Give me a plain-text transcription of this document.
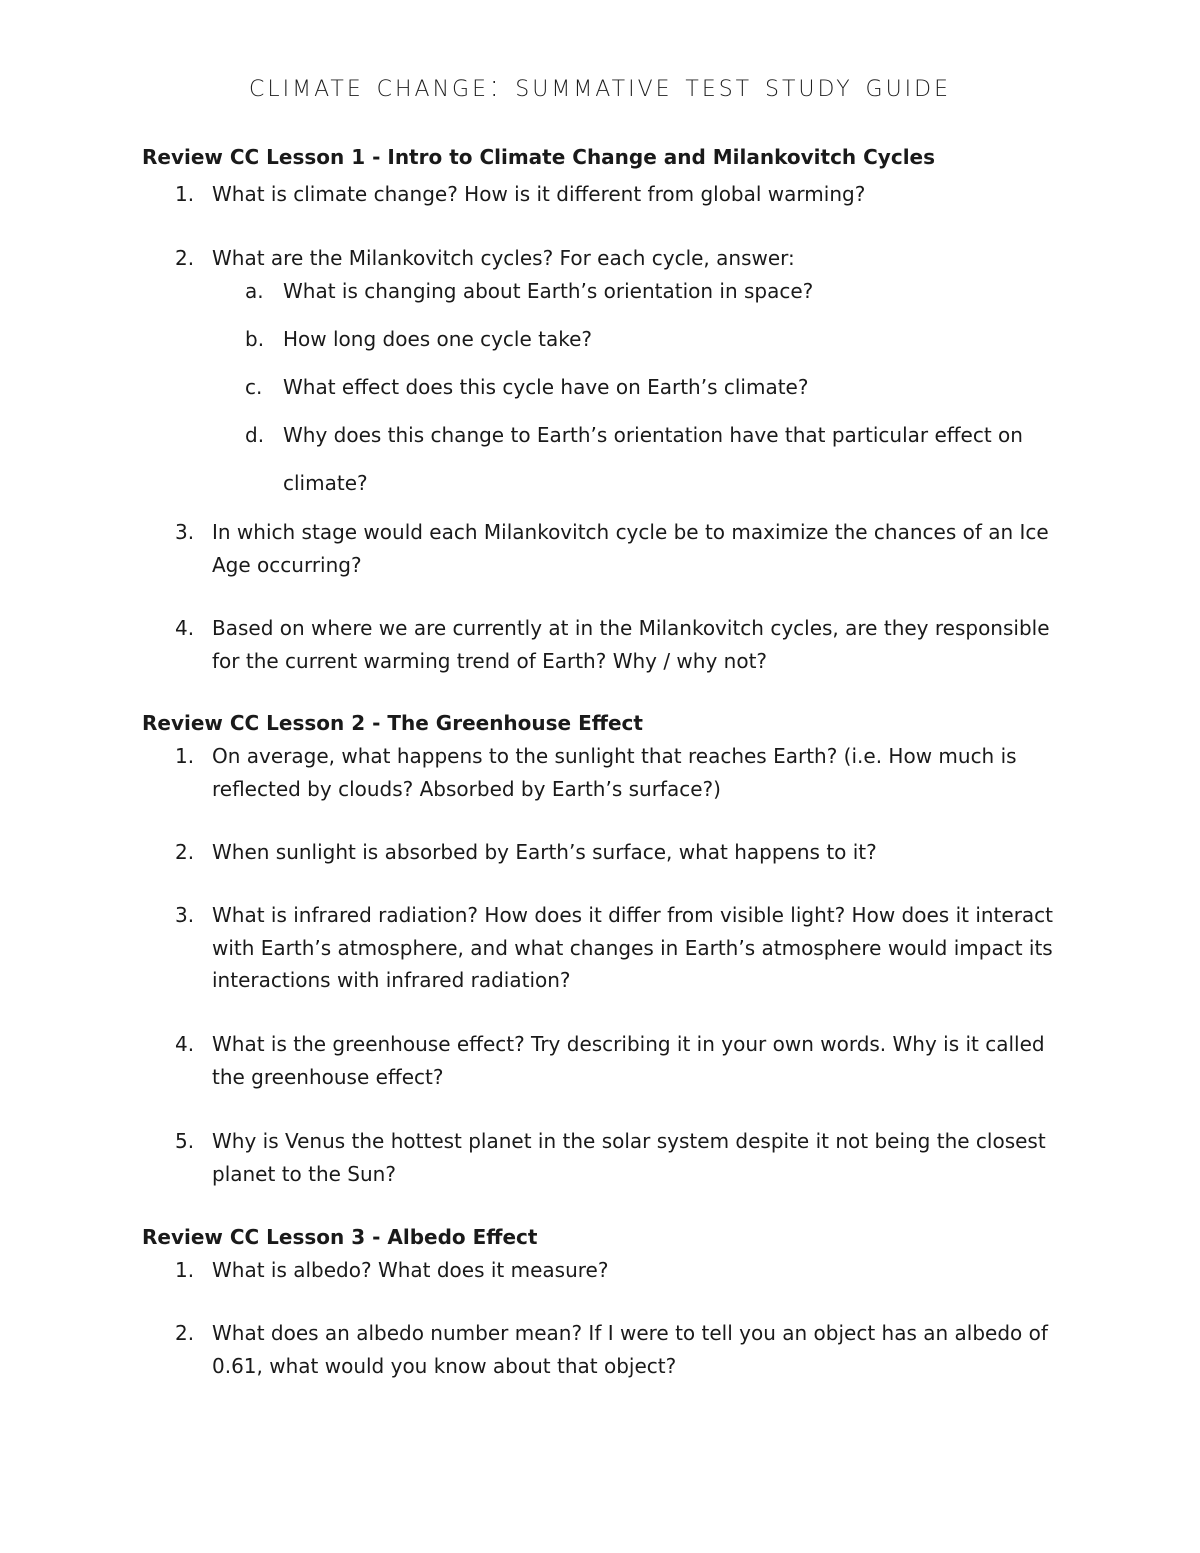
climate change: summative test study guide
Review CC Lesson 1 - Intro to Climate Change and Milankovitch Cycles
1. What is climate change? How is it different from global warming?
2. What are the Milankovitch cycles? For each cycle, answer:
a. What is changing about Earth’s orientation in space?
b. How long does one cycle take?
c. What effect does this cycle have on Earth’s climate?
d. Why does this change to Earth’s orientation have that particular effect on climate?
3. In which stage would each Milankovitch cycle be to maximize the chances of an Ice Age occurring?
4. Based on where we are currently at in the Milankovitch cycles, are they responsible for the current warming trend of Earth? Why / why not?
Review CC Lesson 2 - The Greenhouse Effect
1. On average, what happens to the sunlight that reaches Earth? (i.e. How much is reflected by clouds? Absorbed by Earth’s surface?)
2. When sunlight is absorbed by Earth’s surface, what happens to it?
3. What is infrared radiation? How does it differ from visible light? How does it interact with Earth’s atmosphere, and what changes in Earth’s atmosphere would impact its interactions with infrared radiation?
4. What is the greenhouse effect? Try describing it in your own words. Why is it called the greenhouse effect?
5. Why is Venus the hottest planet in the solar system despite it not being the closest planet to the Sun?
Review CC Lesson 3 - Albedo Effect
1. What is albedo? What does it measure?
2. What does an albedo number mean? If I were to tell you an object has an albedo of 0.61, what would you know about that object?
